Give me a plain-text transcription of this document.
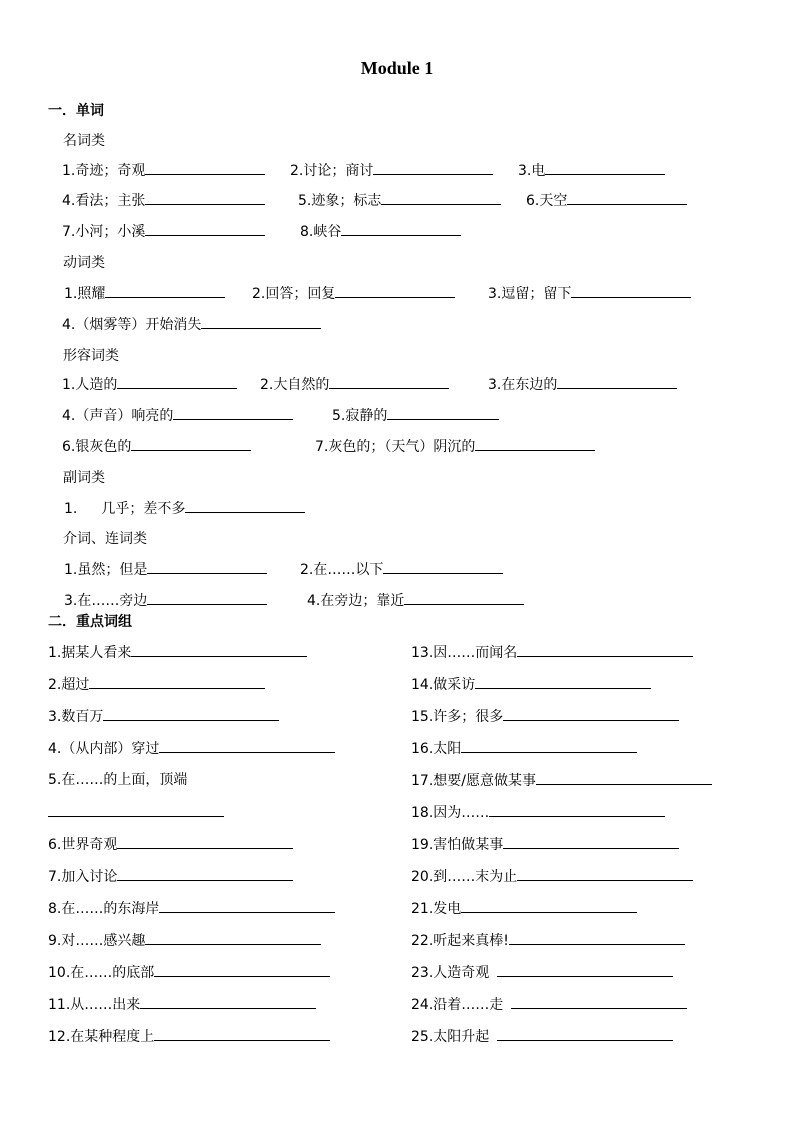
Module 1
一．单词
名词类
1.奇迹；奇观	2.讨论；商讨	3.电
4.看法；主张	5.迹象；标志	6.天空
7.小河；小溪	8.峡谷
动词类
1.照耀	2.回答；回复	3.逗留；留下
4.（烟雾等）开始消失
形容词类
1.人造的	2.大自然的	3.在东边的
4.（声音）响亮的	5.寂静的
6.银灰色的	7.灰色的；（天气）阴沉的
副词类
1. 几乎；差不多
介词、连词类
1.虽然；但是	2.在……以下
3.在……旁边	4.在旁边；靠近
二．重点词组
1.据某人看来
2.超过
3.数百万
4.（从内部）穿过
5.在……的上面，顶端
6.世界奇观
7.加入讨论
8.在……的东海岸
9.对……感兴趣
10.在……的底部
11.从……出来
12.在某种程度上
13.因……而闻名
14.做采访
15.许多；很多
16.太阳
17.想要/愿意做某事
18.因为……
19.害怕做某事
20.到……末为止
21.发电
22.听起来真棒!
23.人造奇观
24.沿着……走
25.太阳升起
